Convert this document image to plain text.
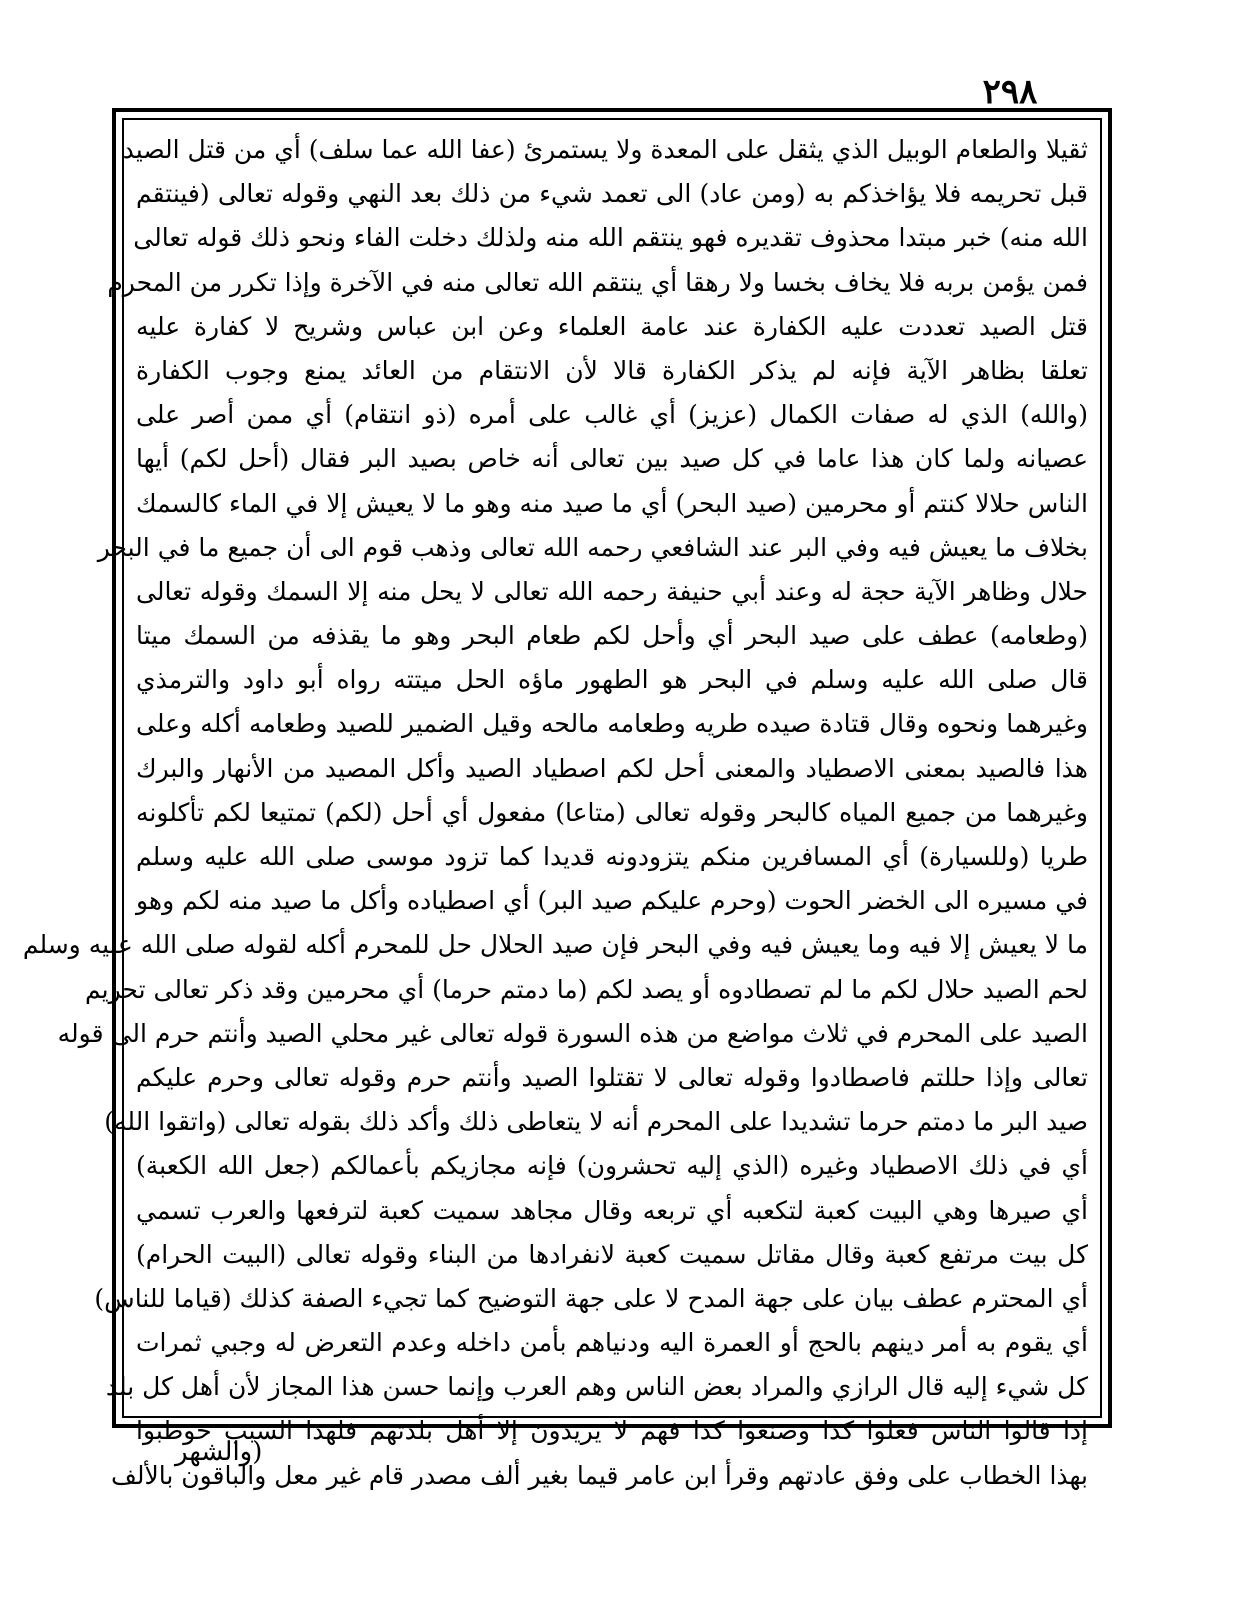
٢٩٨
ثقيلا والطعام الوبيل الذي يثقل على المعدة ولا يستمرئ (عفا الله عما سلف) أي من قتل الصيد
قبل تحريمه فلا يؤاخذكم به (ومن عاد) الى تعمد شيء من ذلك بعد النهي وقوله تعالى (فينتقم
الله منه) خبر مبتدا محذوف تقديره فهو ينتقم الله منه ولذلك دخلت الفاء ونحو ذلك قوله تعالى
فمن يؤمن بربه فلا يخاف بخسا ولا رهقا أي ينتقم الله تعالى منه في الآخرة وإذا تكرر من المحرم
قتل الصيد تعددت عليه الكفارة عند عامة العلماء وعن ابن عباس وشريح لا كفارة عليه
تعلقا بظاهر الآية فإنه لم يذكر الكفارة قالا لأن الانتقام من العائد يمنع وجوب الكفارة
(والله) الذي له صفات الكمال (عزيز) أي غالب على أمره (ذو انتقام) أي ممن أصر على
عصيانه ولما كان هذا عاما في كل صيد بين تعالى أنه خاص بصيد البر فقال (أحل لكم) أيها
الناس حلالا كنتم أو محرمين (صيد البحر) أي ما صيد منه وهو ما لا يعيش إلا في الماء كالسمك
بخلاف ما يعيش فيه وفي البر عند الشافعي رحمه الله تعالى وذهب قوم الى أن جميع ما في البحر
حلال وظاهر الآية حجة له وعند أبي حنيفة رحمه الله تعالى لا يحل منه إلا السمك وقوله تعالى
(وطعامه) عطف على صيد البحر أي وأحل لكم طعام البحر وهو ما يقذفه من السمك ميتا
قال صلى الله عليه وسلم في البحر هو الطهور ماؤه الحل ميتته رواه أبو داود والترمذي
وغيرهما ونحوه وقال قتادة صيده طريه وطعامه مالحه وقيل الضمير للصيد وطعامه أكله وعلى
هذا فالصيد بمعنى الاصطياد والمعنى أحل لكم اصطياد الصيد وأكل المصيد من الأنهار والبرك
وغيرهما من جميع المياه كالبحر وقوله تعالى (متاعا) مفعول أي أحل (لكم) تمتيعا لكم تأكلونه
طريا (وللسيارة) أي المسافرين منكم يتزودونه قديدا كما تزود موسى صلى الله عليه وسلم
في مسيره الى الخضر الحوت (وحرم عليكم صيد البر) أي اصطياده وأكل ما صيد منه لكم وهو
ما لا يعيش إلا فيه وما يعيش فيه وفي البحر فإن صيد الحلال حل للمحرم أكله لقوله صلى الله عليه وسلم
لحم الصيد حلال لكم ما لم تصطادوه أو يصد لكم (ما دمتم حرما) أي محرمين وقد ذكر تعالى تحريم
الصيد على المحرم في ثلاث مواضع من هذه السورة قوله تعالى غير محلي الصيد وأنتم حرم الى قوله
تعالى وإذا حللتم فاصطادوا وقوله تعالى لا تقتلوا الصيد وأنتم حرم وقوله تعالى وحرم عليكم
صيد البر ما دمتم حرما تشديدا على المحرم أنه لا يتعاطى ذلك وأكد ذلك بقوله تعالى (واتقوا الله)
أي في ذلك الاصطياد وغيره (الذي إليه تحشرون) فإنه مجازيكم بأعمالكم (جعل الله الكعبة)
أي صيرها وهي البيت كعبة لتكعبه أي تربعه وقال مجاهد سميت كعبة لترفعها والعرب تسمي
كل بيت مرتفع كعبة وقال مقاتل سميت كعبة لانفرادها من البناء وقوله تعالى (البيت الحرام)
أي المحترم عطف بيان على جهة المدح لا على جهة التوضيح كما تجيء الصفة كذلك (قياما للناس)
أي يقوم به أمر دينهم بالحج أو العمرة اليه ودنياهم بأمن داخله وعدم التعرض له وجبي ثمرات
كل شيء إليه قال الرازي والمراد بعض الناس وهم العرب وإنما حسن هذا المجاز لأن أهل كل بلد
إذا قالوا الناس فعلوا كذا وصنعوا كذا فهم لا يريدون إلا أهل بلدتهم فلهذا السبب خوطبوا
بهذا الخطاب على وفق عادتهم وقرأ ابن عامر قيما بغير ألف مصدر قام غير معل والباقون بالألف
(والشهر
